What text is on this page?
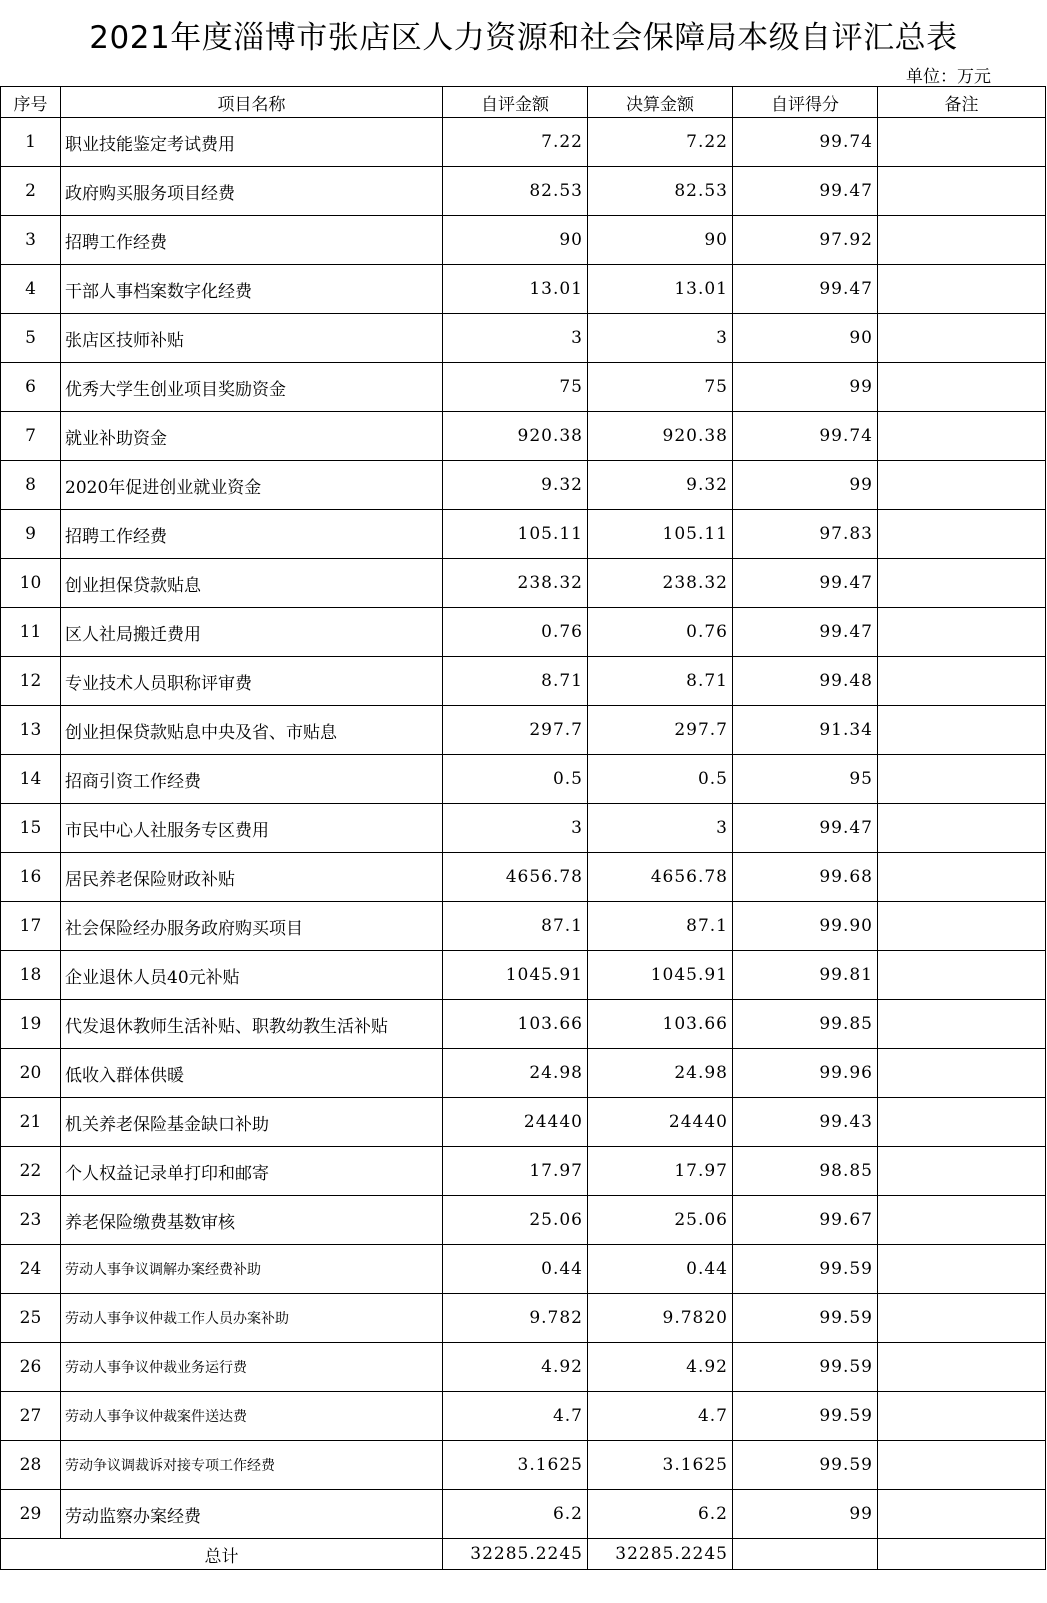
2021年度淄博市张店区人力资源和社会保障局本级自评汇总表
单位：万元
序号	项目名称	自评金额	决算金额	自评得分	备注
1	职业技能鉴定考试费用	7.22	7.22	99.74	
2	政府购买服务项目经费	82.53	82.53	99.47	
3	招聘工作经费	90	90	97.92	
4	干部人事档案数字化经费	13.01	13.01	99.47	
5	张店区技师补贴	3	3	90	
6	优秀大学生创业项目奖励资金	75	75	99	
7	就业补助资金	920.38	920.38	99.74	
8	2020年促进创业就业资金	9.32	9.32	99	
9	招聘工作经费	105.11	105.11	97.83	
10	创业担保贷款贴息	238.32	238.32	99.47	
11	区人社局搬迁费用	0.76	0.76	99.47	
12	专业技术人员职称评审费	8.71	8.71	99.48	
13	创业担保贷款贴息中央及省、市贴息	297.7	297.7	91.34	
14	招商引资工作经费	0.5	0.5	95	
15	市民中心人社服务专区费用	3	3	99.47	
16	居民养老保险财政补贴	4656.78	4656.78	99.68	
17	社会保险经办服务政府购买项目	87.1	87.1	99.90	
18	企业退休人员40元补贴	1045.91	1045.91	99.81	
19	代发退休教师生活补贴、职教幼教生活补贴	103.66	103.66	99.85	
20	低收入群体供暖	24.98	24.98	99.96	
21	机关养老保险基金缺口补助	24440	24440	99.43	
22	个人权益记录单打印和邮寄	17.97	17.97	98.85	
23	养老保险缴费基数审核	25.06	25.06	99.67	
24	劳动人事争议调解办案经费补助	0.44	0.44	99.59	
25	劳动人事争议仲裁工作人员办案补助	9.782	9.7820	99.59	
26	劳动人事争议仲裁业务运行费	4.92	4.92	99.59	
27	劳动人事争议仲裁案件送达费	4.7	4.7	99.59	
28	劳动争议调裁诉对接专项工作经费	3.1625	3.1625	99.59	
29	劳动监察办案经费	6.2	6.2	99	
总计		32285.2245	32285.2245		
